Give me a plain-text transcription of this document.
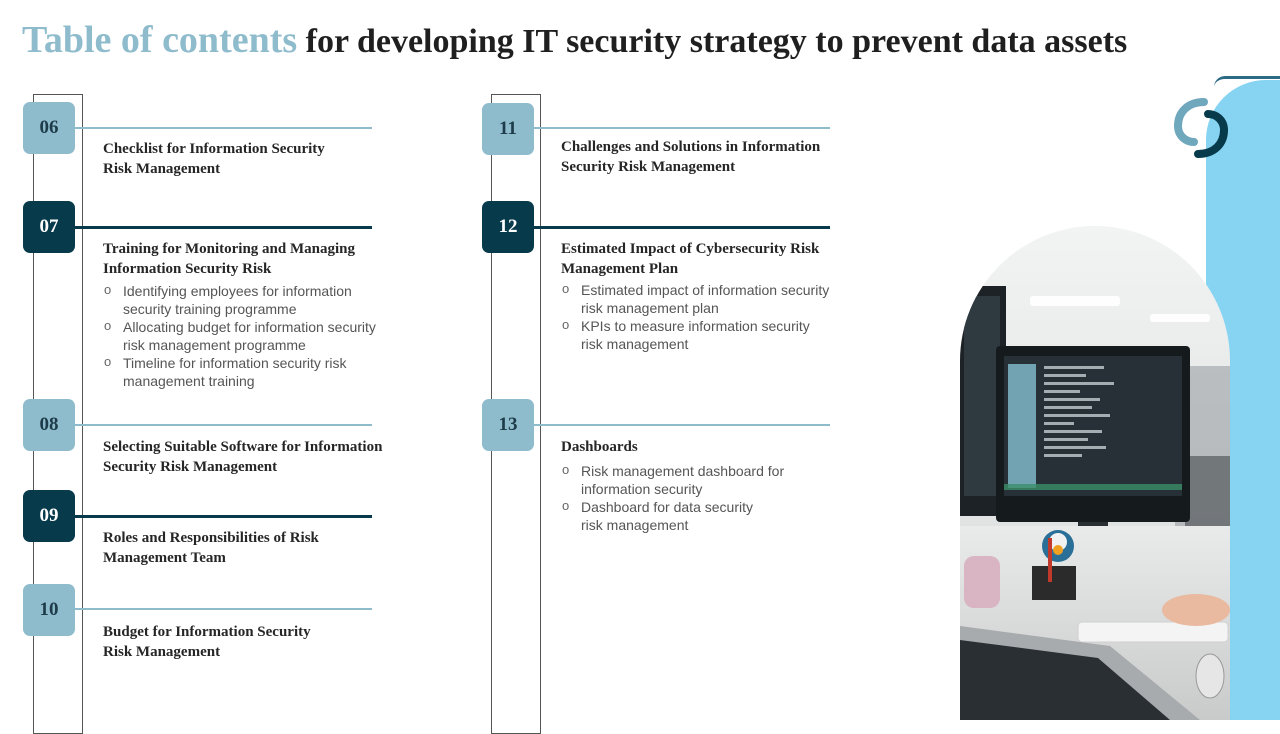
Table of contents for developing IT security strategy to prevent data assets
06

Checklist for Information Security
Risk Management

07

Training for Monitoring and Managing
Information Security Risk

o Identifying employees for information
security training programme
o Allocating budget for information security
risk management programme
o Timeline for information security risk
management training
08

Selecting Suitable Software for Information
Security Risk Management

09

Roles and Responsibilities of Risk
Management Team

10

Budget for Information Security
Risk Management

11

Challenges and Solutions in Information
Security Risk Management

12

Estimated Impact of Cybersecurity Risk
Management Plan

o Estimated impact of information security
risk management plan
o KPIs to measure information security
risk management
13

Dashboards

o Risk management dashboard for
information security
o Dashboard for data security
risk management
